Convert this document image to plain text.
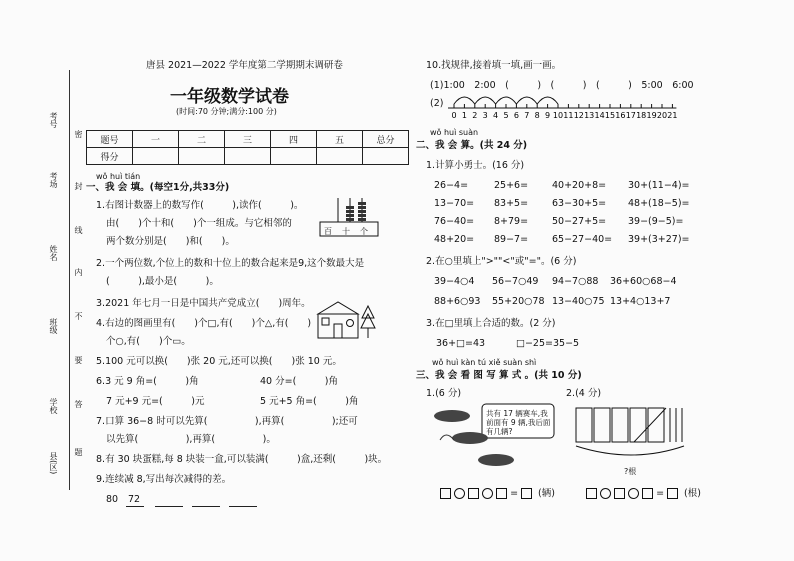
考号
考场
姓名
班级
学校
县(区)
密
封
线
内
不
要
答
题
唐县 2021—2022 学年度第二学期期末调研卷
一年级数学试卷
(时间:70 分钟;满分:100 分)
题号	一	二	三	四	五	总分
得分						
wǒ huì tián
一、我 会 填。(每空1分,共33分)
1.右图计数器上的数写作(　　　),读作(　　　)。
由(　　)个十和(　　)个一组成。与它相邻的
两个数分别是(　　)和(　　)。
百 十 个
2.一个两位数,个位上的数和十位上的数合起来是9,这个数最大是
(　　　),最小是(　　　)。
3.2021 年七月一日是中国共产党成立(　　)周年。
4.右边的图画里有(　　)个□,有(　　)个△,有(　　)
个○,有(　　)个▭。
5.100 元可以换(　　)张 20 元,还可以换(　　)张 10 元。
6.3 元 9 角=(　　　)角	40 分=(　　　)角
7 元+9 元=(　　　)元	5 元+5 角=(　　　)角
7.口算 36−8 时可以先算(　　　　　),再算(　　　　　);还可
以先算(　　　　　),再算(　　　　　)。
8.有 30 块蛋糕,每 8 块装一盒,可以装满(　　　)盒,还剩(　　　)块。
9.连续减 8,写出每次减得的差。
80 72
10.找规律,接着填一填,画一画。
(1)1:00　2:00　(　　　)　(　　　)　(　　　)　5:00　6:00
(2)
0 1 2 3 4 5 6 7 8 9 10 11 12 13 14 15 16 17 18 19 20 21
wǒ huì suàn
二、我 会 算。(共 24 分)
1.计算小勇士。(16 分)
26−4=	25+6=	40+20+8= 30+(11−4)=
13−70= 83+5=	63−30+5= 48+(18−5)=
76−40= 8+79=	50−27+5= 39−(9−5)=
48+20= 89−7=	65−27−40= 39+(3+27)=
2.在○里填上">""<"或"="。(6 分)
39−4○4 56−7○49 94−7○88 36+60○68−4
88+6○93 55+20○78 13−40○75 13+4○13+7
3.在□里填上合适的数。(2 分)
36+□=43	□−25=35−5
wǒ huì kàn tú xiě suàn shì
三、我 会 看 图 写 算 式 。(共 10 分)
1.(6 分)	2.(4 分)
共有 17 辆赛车,我前面有 9 辆,我后面有几辆?
?根
=	(辆)	=	(根)
